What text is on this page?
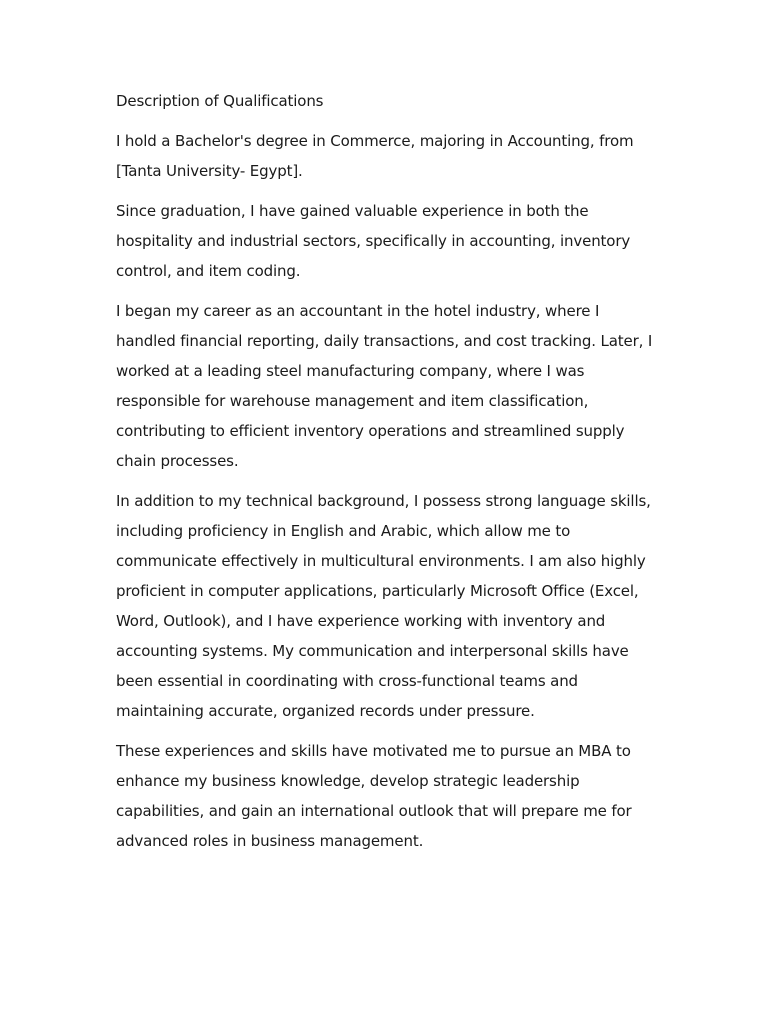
Description of Qualifications

I hold a Bachelor's degree in Commerce, majoring in Accounting, from [Tanta University- Egypt].

Since graduation, I have gained valuable experience in both the hospitality and industrial sectors, specifically in accounting, inventory control, and item coding.

I began my career as an accountant in the hotel industry, where I handled financial reporting, daily transactions, and cost tracking. Later, I worked at a leading steel manufacturing company, where I was responsible for warehouse management and item classification, contributing to efficient inventory operations and streamlined supply chain processes.

In addition to my technical background, I possess strong language skills, including proficiency in English and Arabic, which allow me to communicate effectively in multicultural environments. I am also highly proficient in computer applications, particularly Microsoft Office (Excel, Word, Outlook), and I have experience working with inventory and accounting systems. My communication and interpersonal skills have been essential in coordinating with cross-functional teams and maintaining accurate, organized records under pressure.

These experiences and skills have motivated me to pursue an MBA to enhance my business knowledge, develop strategic leadership capabilities, and gain an international outlook that will prepare me for advanced roles in business management.
